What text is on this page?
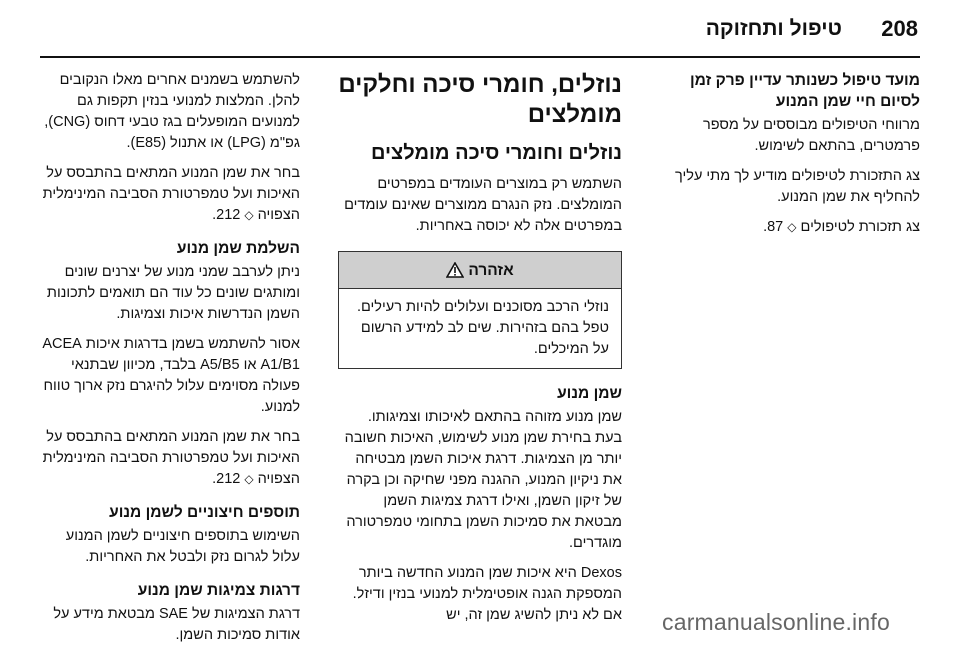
208
טיפול ותחזוקה
מועד טיפול כשנותר עדיין פרק זמן לסיום חיי שמן המנוע

מרווחי הטיפולים מבוססים על מספר פרמטרים, בהתאם לשימוש.

צג התזכורת לטיפולים מודיע לך מתי עליך להחליף את שמן המנוע.

צג תזכורת לטיפולים ◇ 87.

נוזלים, חומרי סיכה וחלקים מומלצים
נוזלים וחומרי סיכה מומלצים

השתמש רק במוצרים העומדים במפרטים המומלצים. נזק הנגרם ממוצרים שאינם עומדים במפרטים אלה לא יכוסה באחריות.

אזהרה
נוזלי הרכב מסוכנים ועלולים להיות רעילים. טפל בהם בזהירות. שים לב למידע הרשום על המיכלים.
שמן מנוע

שמן מנוע מזוהה בהתאם לאיכותו וצמיגותו. בעת בחירת שמן מנוע לשימוש, האיכות חשובה יותר מן הצמיגות. דרגת איכות השמן מבטיחה את ניקיון המנוע, ההגנה מפני שחיקה וכן בקרה של זיקון השמן, ואילו דרגת צמיגות השמן מבטאת את סמיכות השמן בתחומי טמפרטורה מוגדרים.

Dexos היא איכות שמן המנוע החדשה ביותר המספקת הגנה אופטימלית למנועי בנזין ודיזל. אם לא ניתן להשיג שמן זה, יש

להשתמש בשמנים אחרים מאלו הנקובים להלן. המלצות למנועי בנזין תקפות גם למנועים המופעלים בגז טבעי דחוס (CNG), גפ"מ (LPG) או אתנול (E85).

בחר את שמן המנוע המתאים בהתבסס על האיכות ועל טמפרטורת הסביבה המינימלית הצפויה ◇ 212.

השלמת שמן מנוע

ניתן לערבב שמני מנוע של יצרנים שונים ומותגים שונים כל עוד הם תואמים לתכונות השמן הנדרשות איכות וצמיגות.

אסור להשתמש בשמן בדרגות איכות ACEA A1/B1 או A5/B5 בלבד, מכיוון שבתנאי פעולה מסוימים עלול להיגרם נזק ארוך טווח למנוע.

בחר את שמן המנוע המתאים בהתבסס על האיכות ועל טמפרטורת הסביבה המינימלית הצפויה ◇ 212.

תוספים חיצוניים לשמן מנוע

השימוש בתוספים חיצוניים לשמן המנוע עלול לגרום נזק ולבטל את האחריות.

דרגות צמיגות שמן מנוע

דרגת הצמיגות של SAE מבטאת מידע על אודות סמיכות השמן.	carmanualsonline.info
